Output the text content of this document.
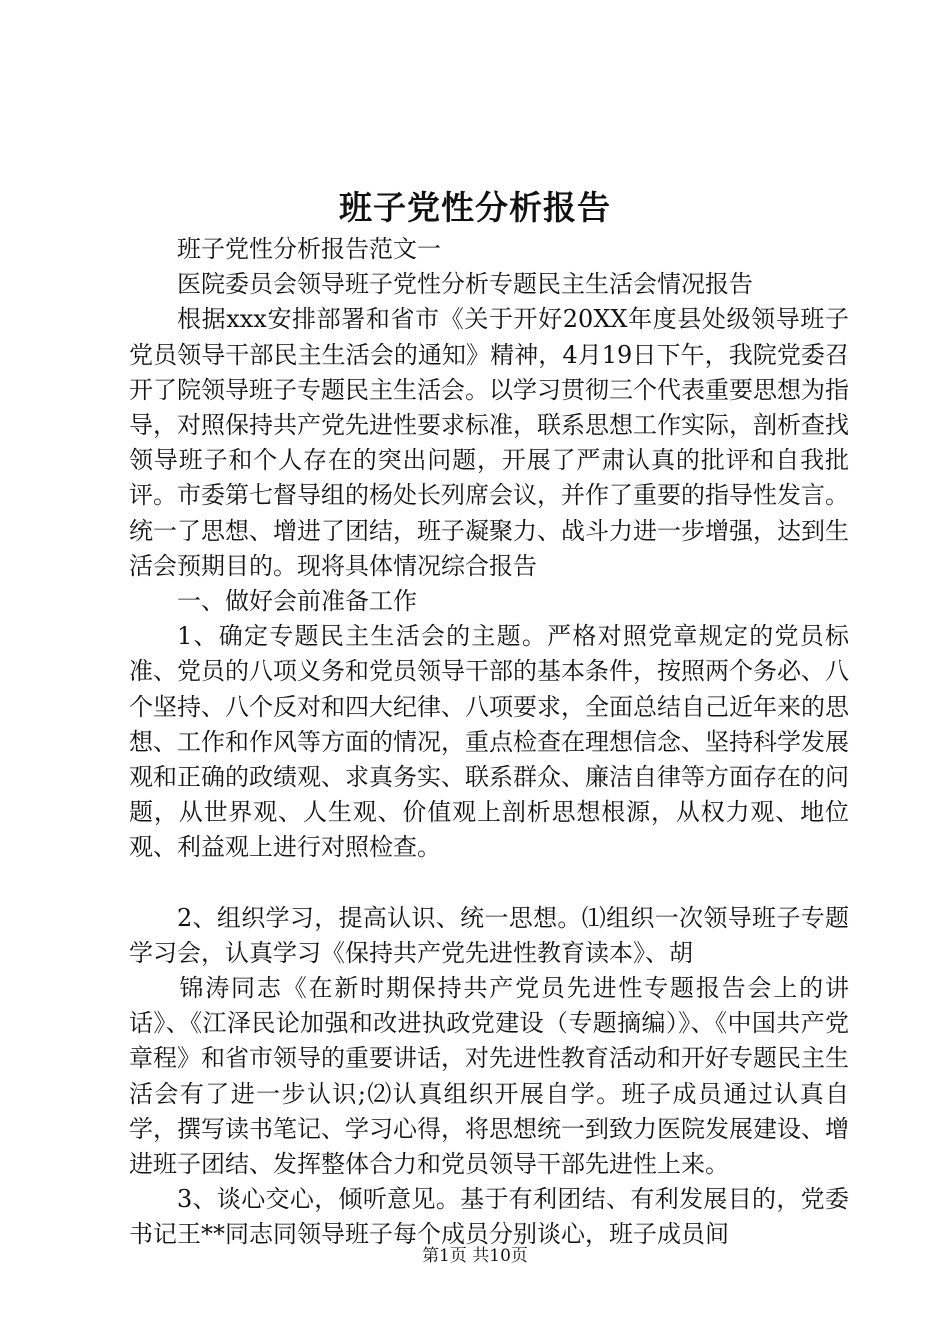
班子党性分析报告

班子党性分析报告范文一

医院委员会领导班子党性分析专题民主生活会情况报告

根据xxx安排部署和省市《关于开好20XX年度县处级领导班子党员领导干部民主生活会的通知》精神，4月19日下午，我院党委召开了院领导班子专题民主生活会。以学习贯彻三个代表重要思想为指导，对照保持共产党先进性要求标准，联系思想工作实际，剖析查找领导班子和个人存在的突出问题，开展了严肃认真的批评和自我批评。市委第七督导组的杨处长列席会议，并作了重要的指导性发言。统一了思想、增进了团结，班子凝聚力、战斗力进一步增强，达到生活会预期目的。现将具体情况综合报告

一、做好会前准备工作

1、确定专题民主生活会的主题。严格对照党章规定的党员标准、党员的八项义务和党员领导干部的基本条件，按照两个务必、八个坚持、八个反对和四大纪律、八项要求，全面总结自己近年来的思想、工作和作风等方面的情况，重点检查在理想信念、坚持科学发展观和正确的政绩观、求真务实、联系群众、廉洁自律等方面存在的问题，从世界观、人生观、价值观上剖析思想根源，从权力观、地位观、利益观上进行对照检查。

2、组织学习，提高认识、统一思想。⑴组织一次领导班子专题学习会，认真学习《保持共产党先进性教育读本》、胡

锦涛同志《在新时期保持共产党员先进性专题报告会上的讲话》、《江泽民论加强和改进执政党建设（专题摘编）》、《中国共产党章程》和省市领导的重要讲话，对先进性教育活动和开好专题民主生活会有了进一步认识;⑵认真组织开展自学。班子成员通过认真自学，撰写读书笔记、学习心得，将思想统一到致力医院发展建设、增进班子团结、发挥整体合力和党员领导干部先进性上来。

3、谈心交心，倾听意见。基于有利团结、有利发展目的，党委书记王**同志同领导班子每个成员分别谈心，班子成员间

第1页 共10页
